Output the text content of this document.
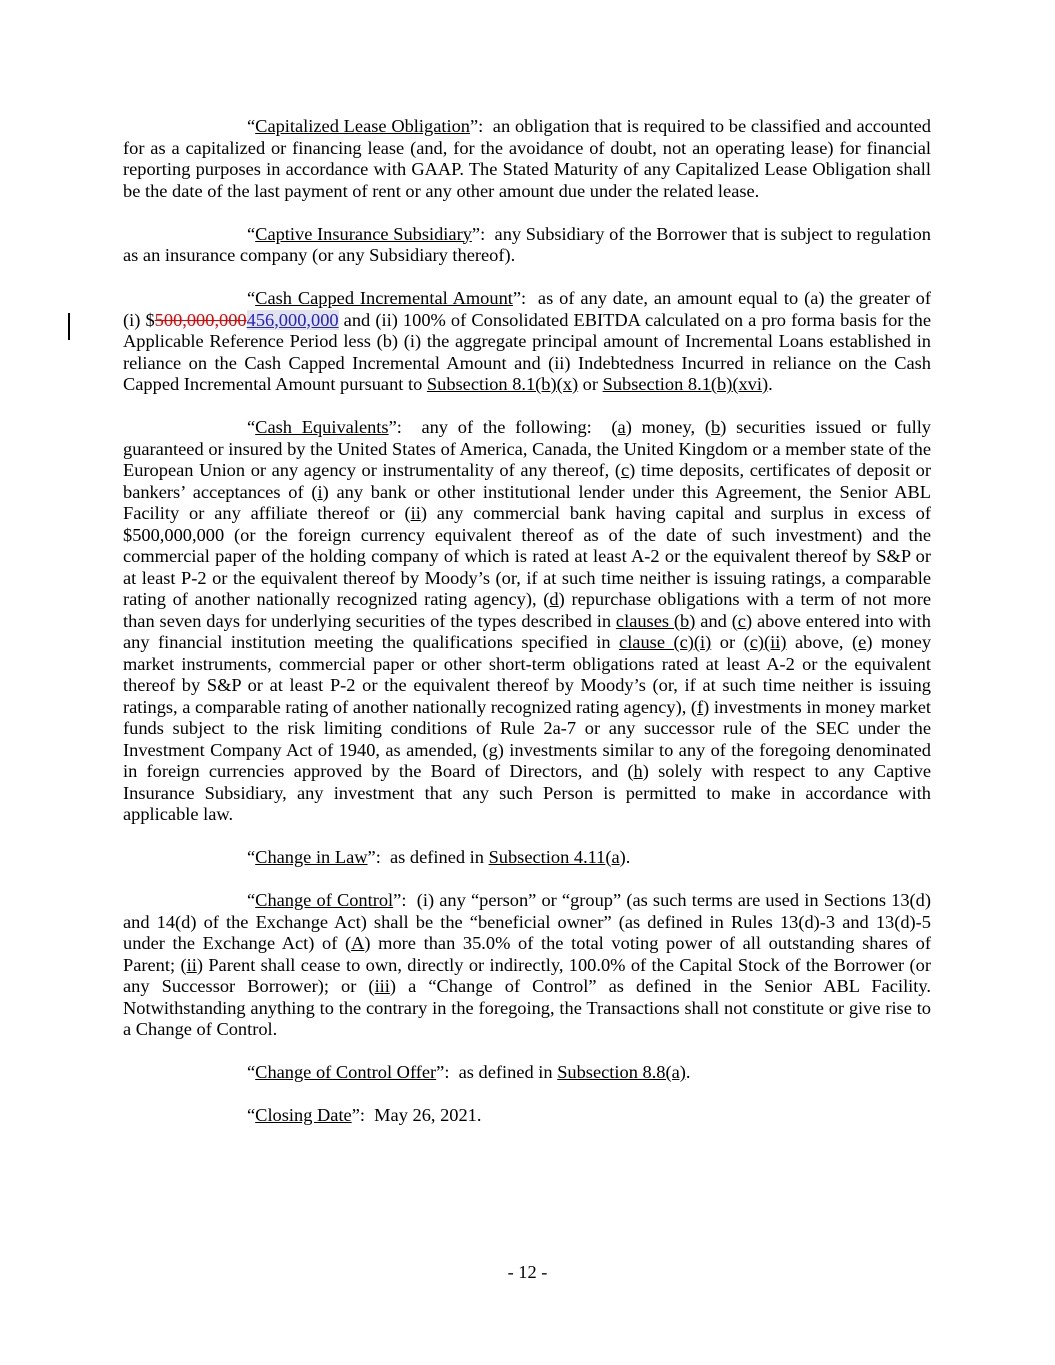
“Capitalized Lease Obligation”:  an obligation that is required to be classified and accounted for as a capitalized or financing lease (and, for the avoidance of doubt, not an operating lease) for financial reporting purposes in accordance with GAAP. The Stated Maturity of any Capitalized Lease Obligation shall be the date of the last payment of rent or any other amount due under the related lease.

“Captive Insurance Subsidiary”:  any Subsidiary of the Borrower that is subject to regulation as an insurance company (or any Subsidiary thereof).

“Cash Capped Incremental Amount”:  as of any date, an amount equal to (a) the greater of (i) $500,000,000456,000,000 and (ii) 100% of Consolidated EBITDA calculated on a pro forma basis for the Applicable Reference Period less (b) (i) the aggregate principal amount of Incremental Loans established in reliance on the Cash Capped Incremental Amount and (ii) Indebtedness Incurred in reliance on the Cash Capped Incremental Amount pursuant to Subsection 8.1(b)(x) or Subsection 8.1(b)(xvi).

“Cash Equivalents”:  any of the following:  (a) money, (b) securities issued or fully guaranteed or insured by the United States of America, Canada, the United Kingdom or a member state of the European Union or any agency or instrumentality of any thereof, (c) time deposits, certificates of deposit or bankers’ acceptances of (i) any bank or other institutional lender under this Agreement, the Senior ABL Facility or any affiliate thereof or (ii) any commercial bank having capital and surplus in excess of $500,000,000 (or the foreign currency equivalent thereof as of the date of such investment) and the commercial paper of the holding company of which is rated at least A-2 or the equivalent thereof by S&P or at least P-2 or the equivalent thereof by Moody’s (or, if at such time neither is issuing ratings, a comparable rating of another nationally recognized rating agency), (d) repurchase obligations with a term of not more than seven days for underlying securities of the types described in clauses (b) and (c) above entered into with any financial institution meeting the qualifications specified in clause (c)(i) or (c)(ii) above, (e) money market instruments, commercial paper or other short-term obligations rated at least A-2 or the equivalent thereof by S&P or at least P-2 or the equivalent thereof by Moody’s (or, if at such time neither is issuing ratings, a comparable rating of another nationally recognized rating agency), (f) investments in money market funds subject to the risk limiting conditions of Rule 2a-7 or any successor rule of the SEC under the Investment Company Act of 1940, as amended, (g) investments similar to any of the foregoing denominated in foreign currencies approved by the Board of Directors, and (h) solely with respect to any Captive Insurance Subsidiary, any investment that any such Person is permitted to make in accordance with applicable law.

“Change in Law”:  as defined in Subsection 4.11(a).

“Change of Control”:  (i) any “person” or “group” (as such terms are used in Sections 13(d) and 14(d) of the Exchange Act) shall be the “beneficial owner” (as defined in Rules 13(d)-3 and 13(d)-5 under the Exchange Act) of (A) more than 35.0% of the total voting power of all outstanding shares of Parent; (ii) Parent shall cease to own, directly or indirectly, 100.0% of the Capital Stock of the Borrower (or any Successor Borrower); or (iii) a “Change of Control” as defined in the Senior ABL Facility. Notwithstanding anything to the contrary in the foregoing, the Transactions shall not constitute or give rise to a Change of Control.

“Change of Control Offer”:  as defined in Subsection 8.8(a).

“Closing Date”:  May 26, 2021.

- 12 -
